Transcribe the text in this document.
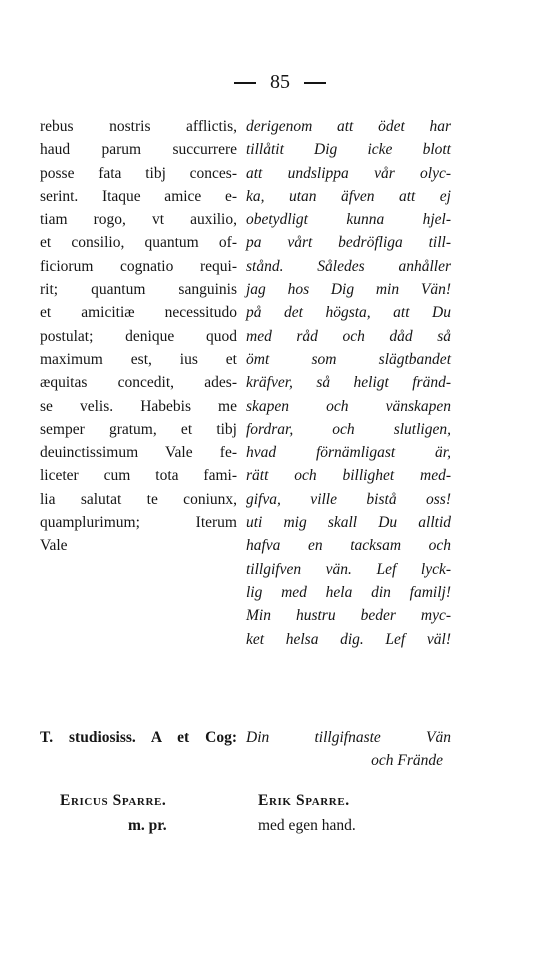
85
rebus nostris afflictis,
haud parum succurrere
posse fata tibj conces-
serint. Itaque amice e-
tiam rogo, vt auxilio,
et consilio, quantum of-
ficiorum cognatio requi-
rit; quantum sanguinis
et amicitiæ necessitudo
postulat; denique quod
maximum est, ius et
æquitas concedit, ades-
se velis. Habebis me
semper gratum, et tibj
deuinctissimum Vale fe-
liceter cum tota fami-
lia salutat te coniunx,
quamplurimum; Iterum
Vale
derigenom att ödet har
tillåtit Dig icke blott
att undslippa vår olyc-
ka, utan äfven att ej
obetydligt kunna hjel-
pa vårt bedröfliga till-
stånd. Således anhåller
jag hos Dig min Vän!
på det högsta, att Du
med råd och dåd så
ömt som slägtbandet
kräfver, så heligt fränd-
skapen och vänskapen
fordrar, och slutligen,
hvad förnämligast är,
rätt och billighet med-
gifva, ville bistå oss!
uti mig skall Du alltid
hafva en tacksam och
tillgifven vän. Lef lyck-
lig med hela din familj!
Min hustru beder myc-
ket helsa dig. Lef väl!
T. studiosiss. A et Cog: Din tillgifnaste Vän
och Frände
Ericus Sparre.
m. pr.
Erik Sparre.
med egen hand.
